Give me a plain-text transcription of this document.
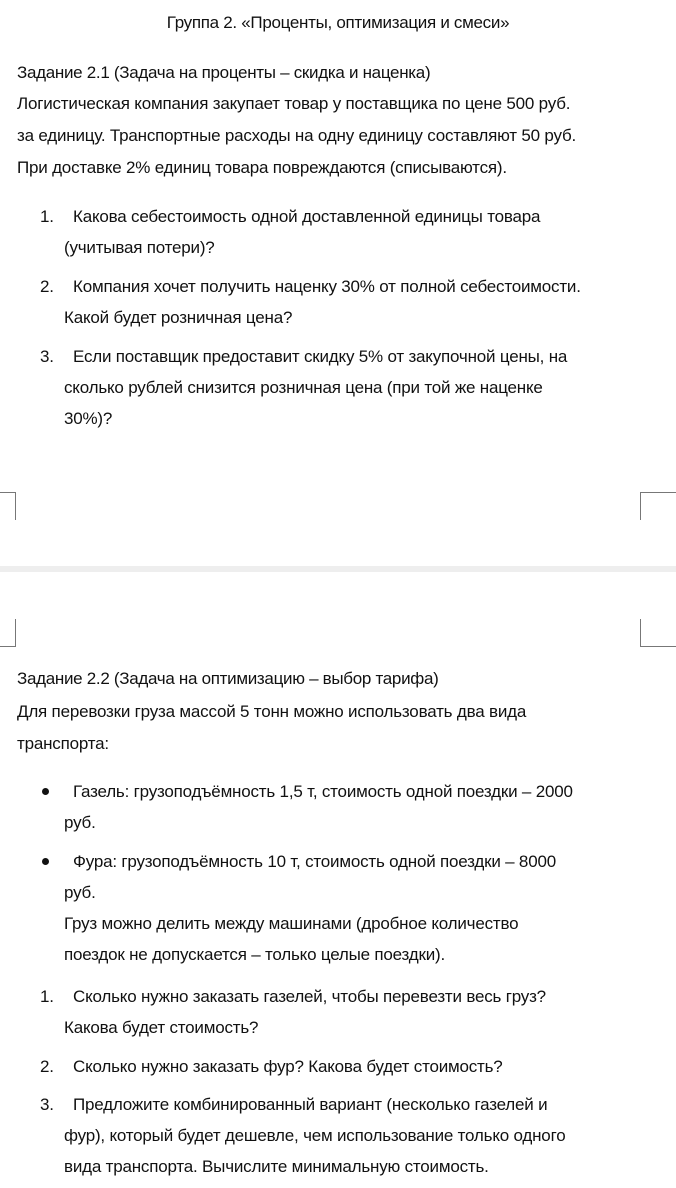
Группа 2. «Проценты, оптимизация и смеси»
Задание 2.1 (Задача на проценты – скидка и наценка)
Логистическая компания закупает товар у поставщика по цене 500 руб.
за единицу. Транспортные расходы на одну единицу составляют 50 руб.
При доставке 2% единиц товара повреждаются (списываются).
1.	Какова себестоимость одной доставленной единицы товара
(учитывая потери)?
2.	Компания хочет получить наценку 30% от полной себестоимости.
Какой будет розничная цена?
3.	Если поставщик предоставит скидку 5% от закупочной цены, на
сколько рублей снизится розничная цена (при той же наценке
30%)?
Задание 2.2 (Задача на оптимизацию – выбор тарифа)
Для перевозки груза массой 5 тонн можно использовать два вида
транспорта:
Газель: грузоподъёмность 1,5 т, стоимость одной поездки – 2000
руб.
Фура: грузоподъёмность 10 т, стоимость одной поездки – 8000
руб.
Груз можно делить между машинами (дробное количество
поездок не допускается – только целые поездки).
1.	Сколько нужно заказать газелей, чтобы перевезти весь груз?
Какова будет стоимость?
2.	Сколько нужно заказать фур? Какова будет стоимость?
3.	Предложите комбинированный вариант (несколько газелей и
фур), который будет дешевле, чем использование только одного
вида транспорта. Вычислите минимальную стоимость.
